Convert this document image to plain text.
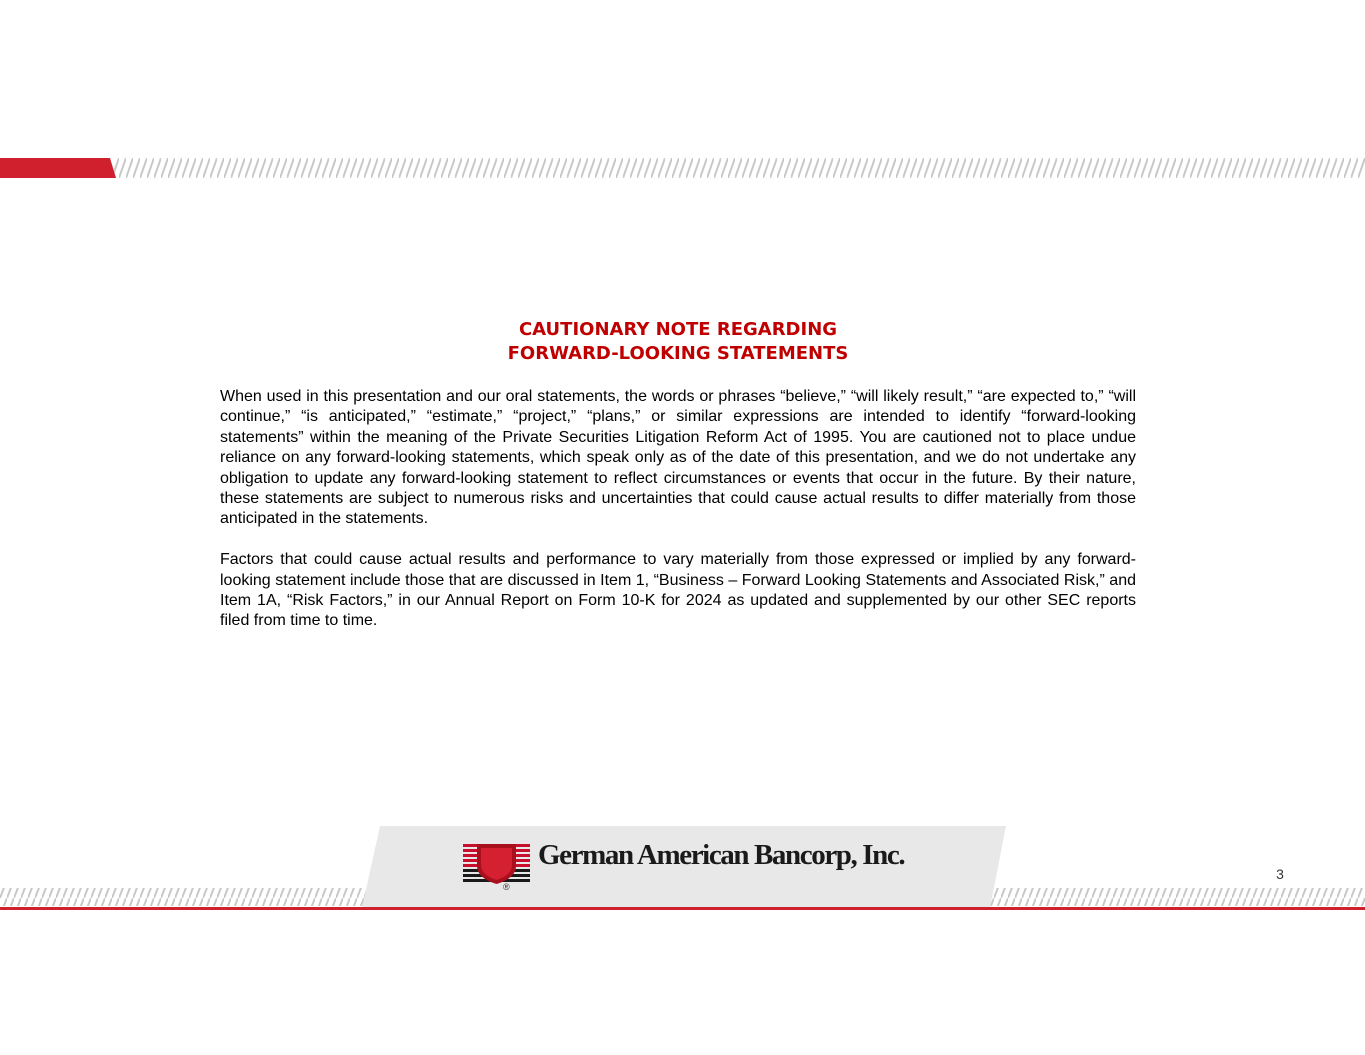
CAUTIONARY NOTE REGARDING
FORWARD-LOOKING STATEMENTS

When used in this presentation and our oral statements, the words or phrases “believe,” “will likely result,” “are expected to,” “will continue,” “is anticipated,” “estimate,” “project,” “plans,” or similar expressions are intended to identify “forward-looking statements” within the meaning of the Private Securities Litigation Reform Act of 1995. You are cautioned not to place undue reliance on any forward-looking statements, which speak only as of the date of this presentation, and we do not undertake any obligation to update any forward-looking statement to reflect circumstances or events that occur in the future. By their nature, these statements are subject to numerous risks and uncertainties that could cause actual results to differ materially from those anticipated in the statements.

Factors that could cause actual results and performance to vary materially from those expressed or implied by any forward-looking statement include those that are discussed in Item 1, “Business – Forward Looking Statements and Associated Risk,” and Item 1A, “Risk Factors,” in our Annual Report on Form 10-K for 2024 as updated and supplemented by our other SEC reports filed from time to time.

®
German American Bancorp, Inc.
3
